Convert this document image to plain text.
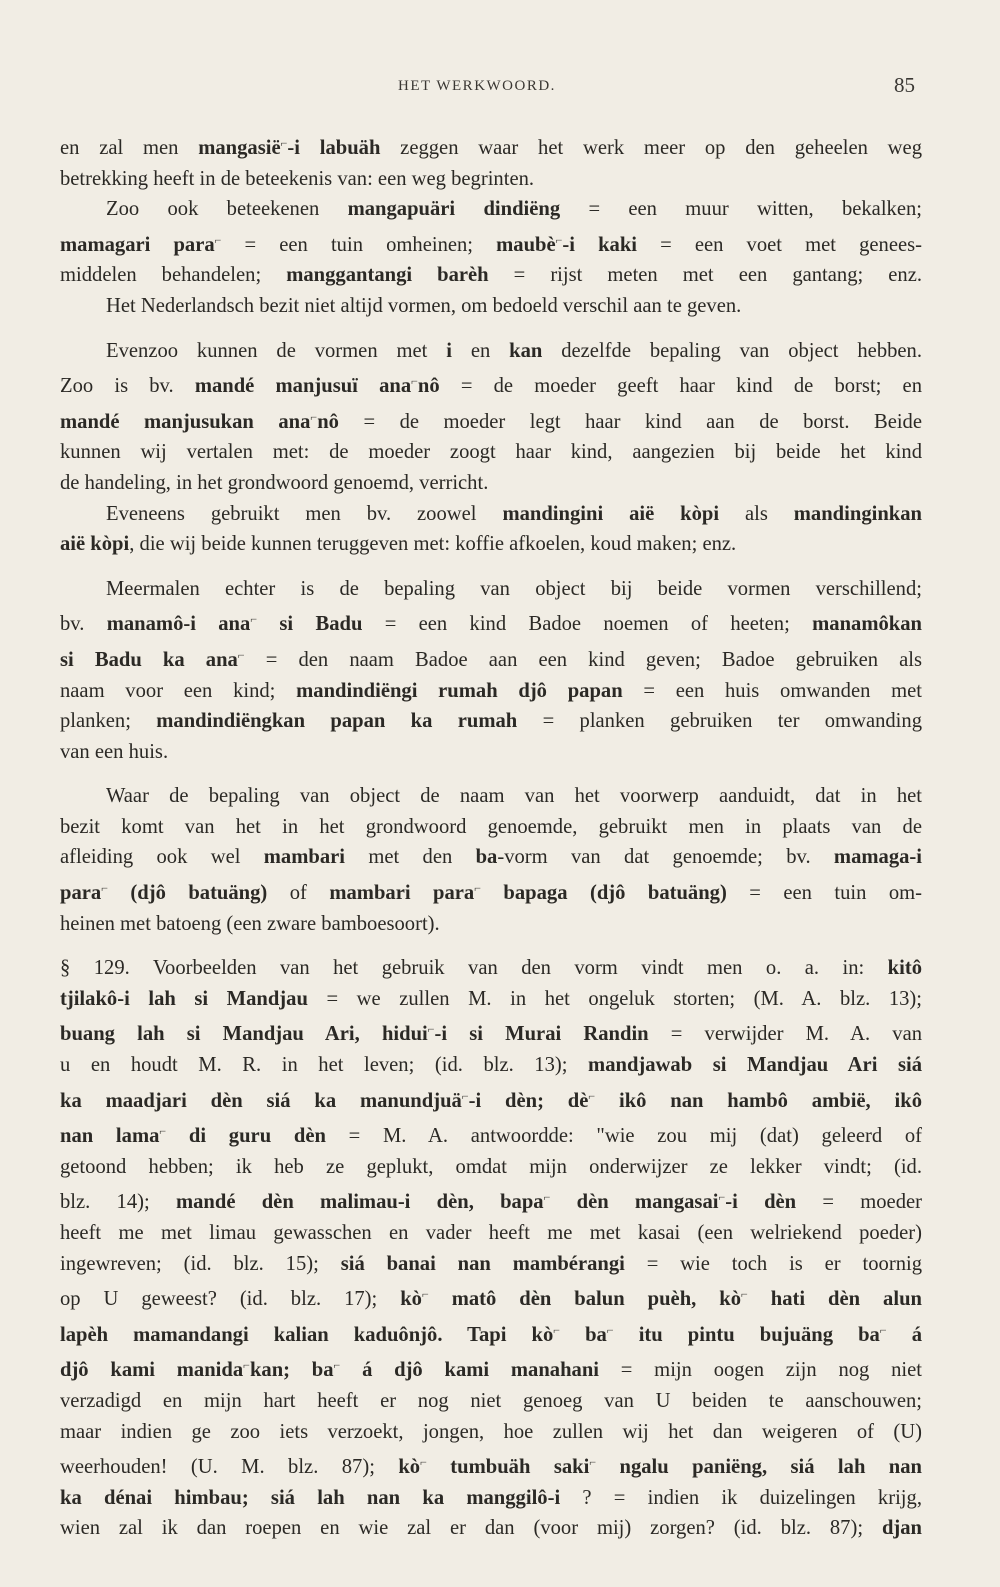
HET WERKWOORD.	85
en zal men mangasië⌐-i labuäh zeggen waar het werk meer op den geheelen weg
betrekking heeft in de beteekenis van: een weg begrinten.
Zoo ook beteekenen mangapuäri dindiëng = een muur witten, bekalken;
mamagari para⌐ = een tuin omheinen; maubè⌐-i kaki = een voet met genees-
middelen behandelen; manggantangi barèh = rijst meten met een gantang; enz.
Het Nederlandsch bezit niet altijd vormen, om bedoeld verschil aan te geven.
Evenzoo kunnen de vormen met i en kan dezelfde bepaling van object hebben.
Zoo is bv. mandé manjusuï ana⌐nô = de moeder geeft haar kind de borst; en
mandé manjusukan ana⌐nô = de moeder legt haar kind aan de borst. Beide
kunnen wij vertalen met: de moeder zoogt haar kind, aangezien bij beide het kind
de handeling, in het grondwoord genoemd, verricht.
Eveneens gebruikt men bv. zoowel mandingini aië kòpi als mandinginkan
aië kòpi, die wij beide kunnen teruggeven met: koffie afkoelen, koud maken; enz.
Meermalen echter is de bepaling van object bij beide vormen verschillend;
bv. manamô-i ana⌐ si Badu = een kind Badoe noemen of heeten; manamôkan
si Badu ka ana⌐ = den naam Badoe aan een kind geven; Badoe gebruiken als
naam voor een kind; mandindiëngi rumah djô papan = een huis omwanden met
planken; mandindiëngkan papan ka rumah = planken gebruiken ter omwanding
van een huis.
Waar de bepaling van object de naam van het voorwerp aanduidt, dat in het
bezit komt van het in het grondwoord genoemde, gebruikt men in plaats van de
afleiding ook wel mambari met den ba-vorm van dat genoemde; bv. mamaga-i
para⌐ (djô batuäng) of mambari para⌐ bapaga (djô batuäng) = een tuin om-
heinen met batoeng (een zware bamboesoort).
§ 129. Voorbeelden van het gebruik van den vorm vindt men o. a. in: kitô
tjilakô-i lah si Mandjau = we zullen M. in het ongeluk storten; (M. A. blz. 13);
buang lah si Mandjau Ari, hidui⌐-i si Murai Randin = verwijder M. A. van
u en houdt M. R. in het leven; (id. blz. 13); mandjawab si Mandjau Ari siá
ka maadjari dèn siá ka manundjuä⌐-i dèn; dè⌐ ikô nan hambô ambië, ikô
nan lama⌐ di guru dèn = M. A. antwoordde: "wie zou mij (dat) geleerd of
getoond hebben; ik heb ze geplukt, omdat mijn onderwijzer ze lekker vindt; (id.
blz. 14); mandé dèn malimau-i dèn, bapa⌐ dèn mangasai⌐-i dèn = moeder
heeft me met limau gewasschen en vader heeft me met kasai (een welriekend poeder)
ingewreven; (id. blz. 15); siá banai nan mambérangi = wie toch is er toornig
op U geweest? (id. blz. 17); kò⌐ matô dèn balun puèh, kò⌐ hati dèn alun
lapèh mamandangi kalian kaduônjô. Tapi kò⌐ ba⌐ itu pintu bujuäng ba⌐ á
djô kami manida⌐kan; ba⌐ á djô kami manahani = mijn oogen zijn nog niet
verzadigd en mijn hart heeft er nog niet genoeg van U beiden te aanschouwen;
maar indien ge zoo iets verzoekt, jongen, hoe zullen wij het dan weigeren of (U)
weerhouden! (U. M. blz. 87); kò⌐ tumbuäh saki⌐ ngalu paniëng, siá lah nan
ka dénai himbau; siá lah nan ka manggilô-i ? = indien ik duizelingen krijg,
wien zal ik dan roepen en wie zal er dan (voor mij) zorgen? (id. blz. 87); djan
